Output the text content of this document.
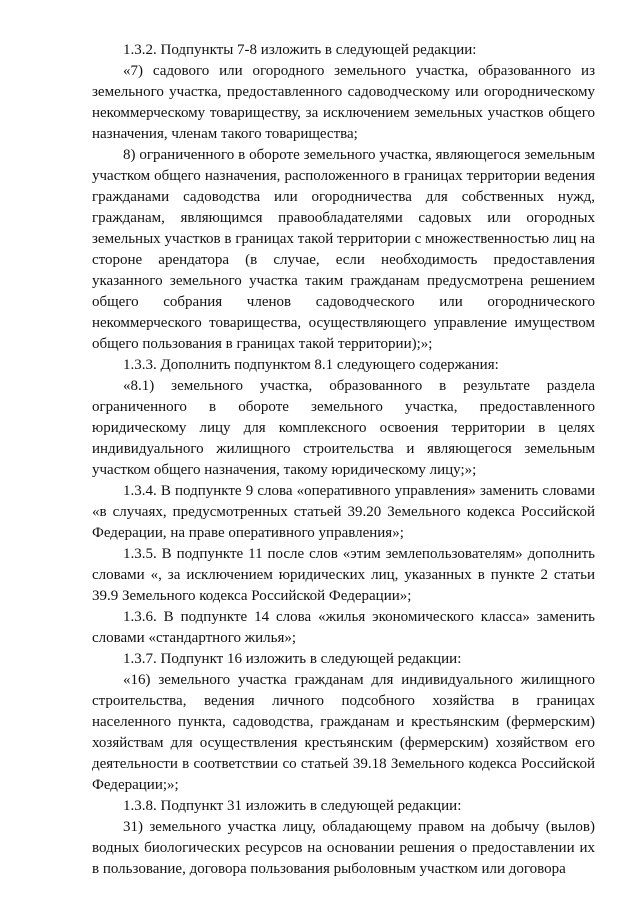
1.3.2. Подпункты 7-8 изложить в следующей редакции:

«7) садового или огородного земельного участка, образованного из земельного участка, предоставленного садоводческому или огородническому некоммерческому товариществу, за исключением земельных участков общего назначения, членам такого товарищества;

8) ограниченного в обороте земельного участка, являющегося земельным участком общего назначения, расположенного в границах территории ведения гражданами садоводства или огородничества для собственных нужд, гражданам, являющимся правообладателями садовых или огородных земельных участков в границах такой территории с множественностью лиц на стороне арендатора (в случае, если необходимость предоставления указанного земельного участка таким гражданам предусмотрена решением общего собрания членов садоводческого или огороднического некоммерческого товарищества, осуществляющего управление имуществом общего пользования в границах такой территории);»;

1.3.3. Дополнить подпунктом 8.1 следующего содержания:

«8.1) земельного участка, образованного в результате раздела ограниченного в обороте земельного участка, предоставленного юридическому лицу для комплексного освоения территории в целях индивидуального жилищного строительства и являющегося земельным участком общего назначения, такому юридическому лицу;»;

1.3.4. В подпункте 9 слова «оперативного управления» заменить словами «в случаях, предусмотренных статьей 39.20 Земельного кодекса Российской Федерации, на праве оперативного управления»;

1.3.5. В подпункте 11 после слов «этим землепользователям» дополнить словами «, за исключением юридических лиц, указанных в пункте 2 статьи 39.9 Земельного кодекса Российской Федерации»;

1.3.6. В подпункте 14 слова «жилья экономического класса» заменить словами «стандартного жилья»;

1.3.7. Подпункт 16 изложить в следующей редакции:

«16) земельного участка гражданам для индивидуального жилищного строительства, ведения личного подсобного хозяйства в границах населенного пункта, садоводства, гражданам и крестьянским (фермерским) хозяйствам для осуществления крестьянским (фермерским) хозяйством его деятельности в соответствии со статьей 39.18 Земельного кодекса Российской Федерации;»;

1.3.8. Подпункт 31 изложить в следующей редакции:

31) земельного участка лицу, обладающему правом на добычу (вылов) водных биологических ресурсов на основании решения о предоставлении их в пользование, договора пользования рыболовным участком или договора
